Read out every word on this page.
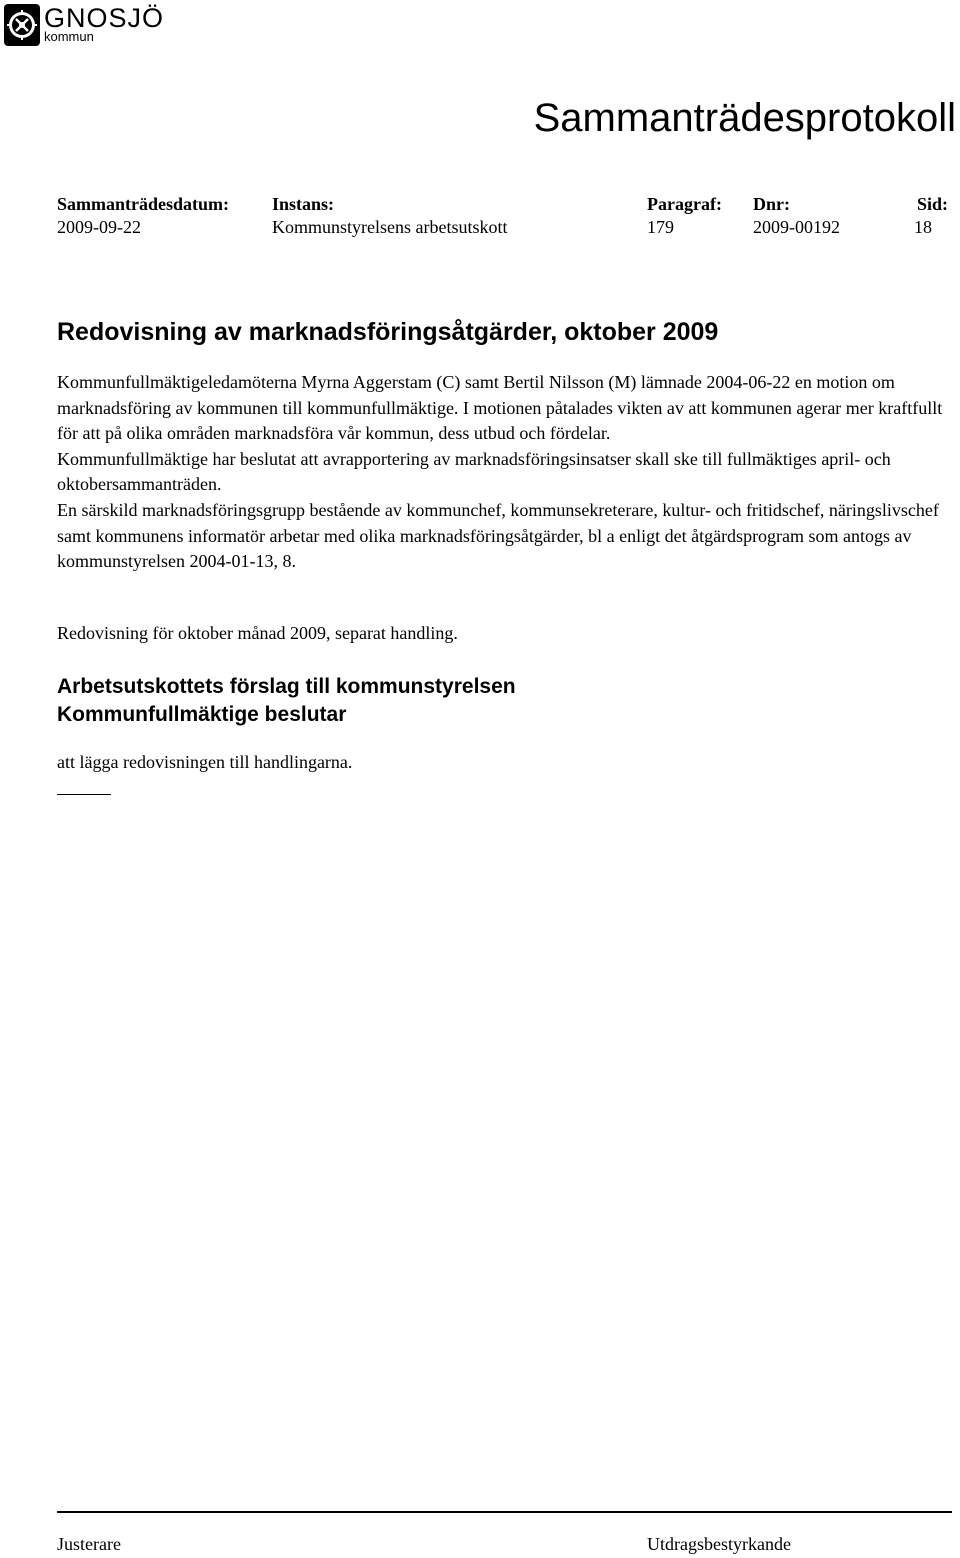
GNOSJÖ
kommun
Sammanträdesprotokoll
Sammanträdesdatum:
2009-09-22
Instans:
Kommunstyrelsens arbetsutskott
Paragraf:
179
Dnr:
2009-00192
Sid:
18
Redovisning av marknadsföringsåtgärder, oktober 2009

Kommunfullmäktigeledamöterna Myrna Aggerstam (C) samt Bertil Nilsson (M) lämnade 2004-06-22 en motion om marknadsföring av kommunen till kommunfullmäktige. I motionen påtalades vikten av att kommunen agerar mer kraftfullt för att på olika områden marknadsföra vår kommun, dess utbud och fördelar.

Kommunfullmäktige har beslutat att avrapportering av marknadsföringsinsatser skall ske till fullmäktiges april- och oktobersammanträden.

En särskild marknadsföringsgrupp bestående av kommunchef, kommunsekreterare, kultur- och fritidschef, näringslivschef samt kommunens informatör arbetar med olika marknadsföringsåtgärder, bl a enligt det åtgärdsprogram som antogs av kommunstyrelsen 2004-01-13, 8.

Redovisning för oktober månad 2009, separat handling.
Arbetsutskottets förslag till kommunstyrelsen
Kommunfullmäktige beslutar
att lägga redovisningen till handlingarna.
Justerare	Utdragsbestyrkande
